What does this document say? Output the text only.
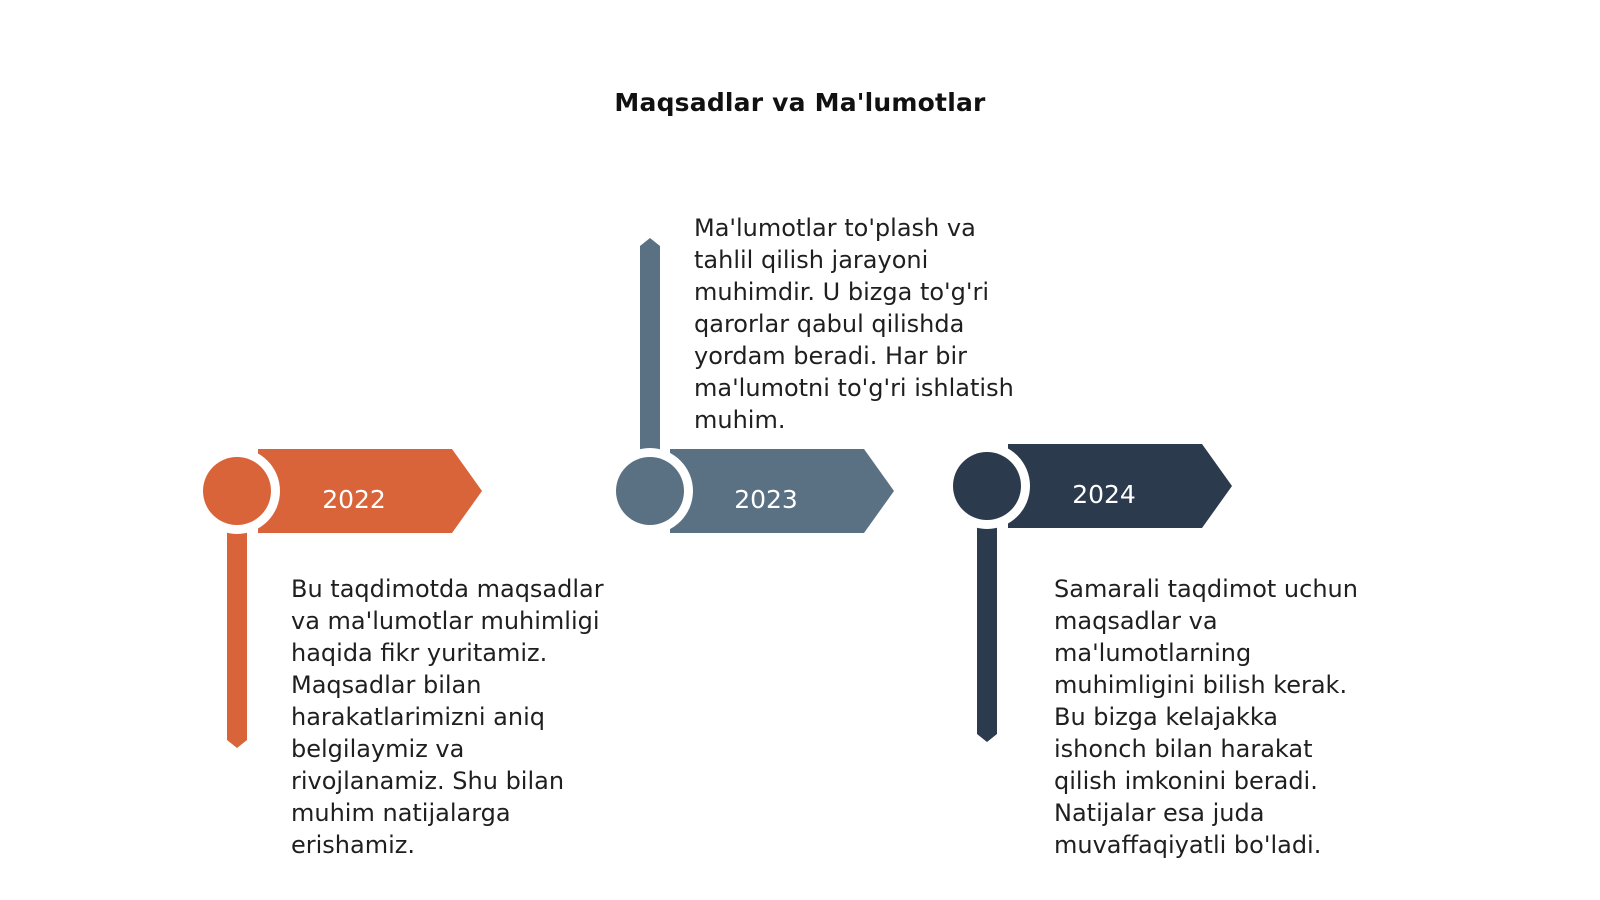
Maqsadlar va Ma'lumotlar
2022	2023	2024
Bu taqdimotda maqsadlar
va ma'lumotlar muhimligi
haqida fikr yuritamiz.
Maqsadlar bilan
harakatlarimizni aniq
belgilaymiz va
rivojlanamiz. Shu bilan
muhim natijalarga
erishamiz.
Ma'lumotlar to'plash va
tahlil qilish jarayoni
muhimdir. U bizga to'g'ri
qarorlar qabul qilishda
yordam beradi. Har bir
ma'lumotni to'g'ri ishlatish
muhim.
Samarali taqdimot uchun
maqsadlar va
ma'lumotlarning
muhimligini bilish kerak.
Bu bizga kelajakka
ishonch bilan harakat
qilish imkonini beradi.
Natijalar esa juda
muvaffaqiyatli bo'ladi.
